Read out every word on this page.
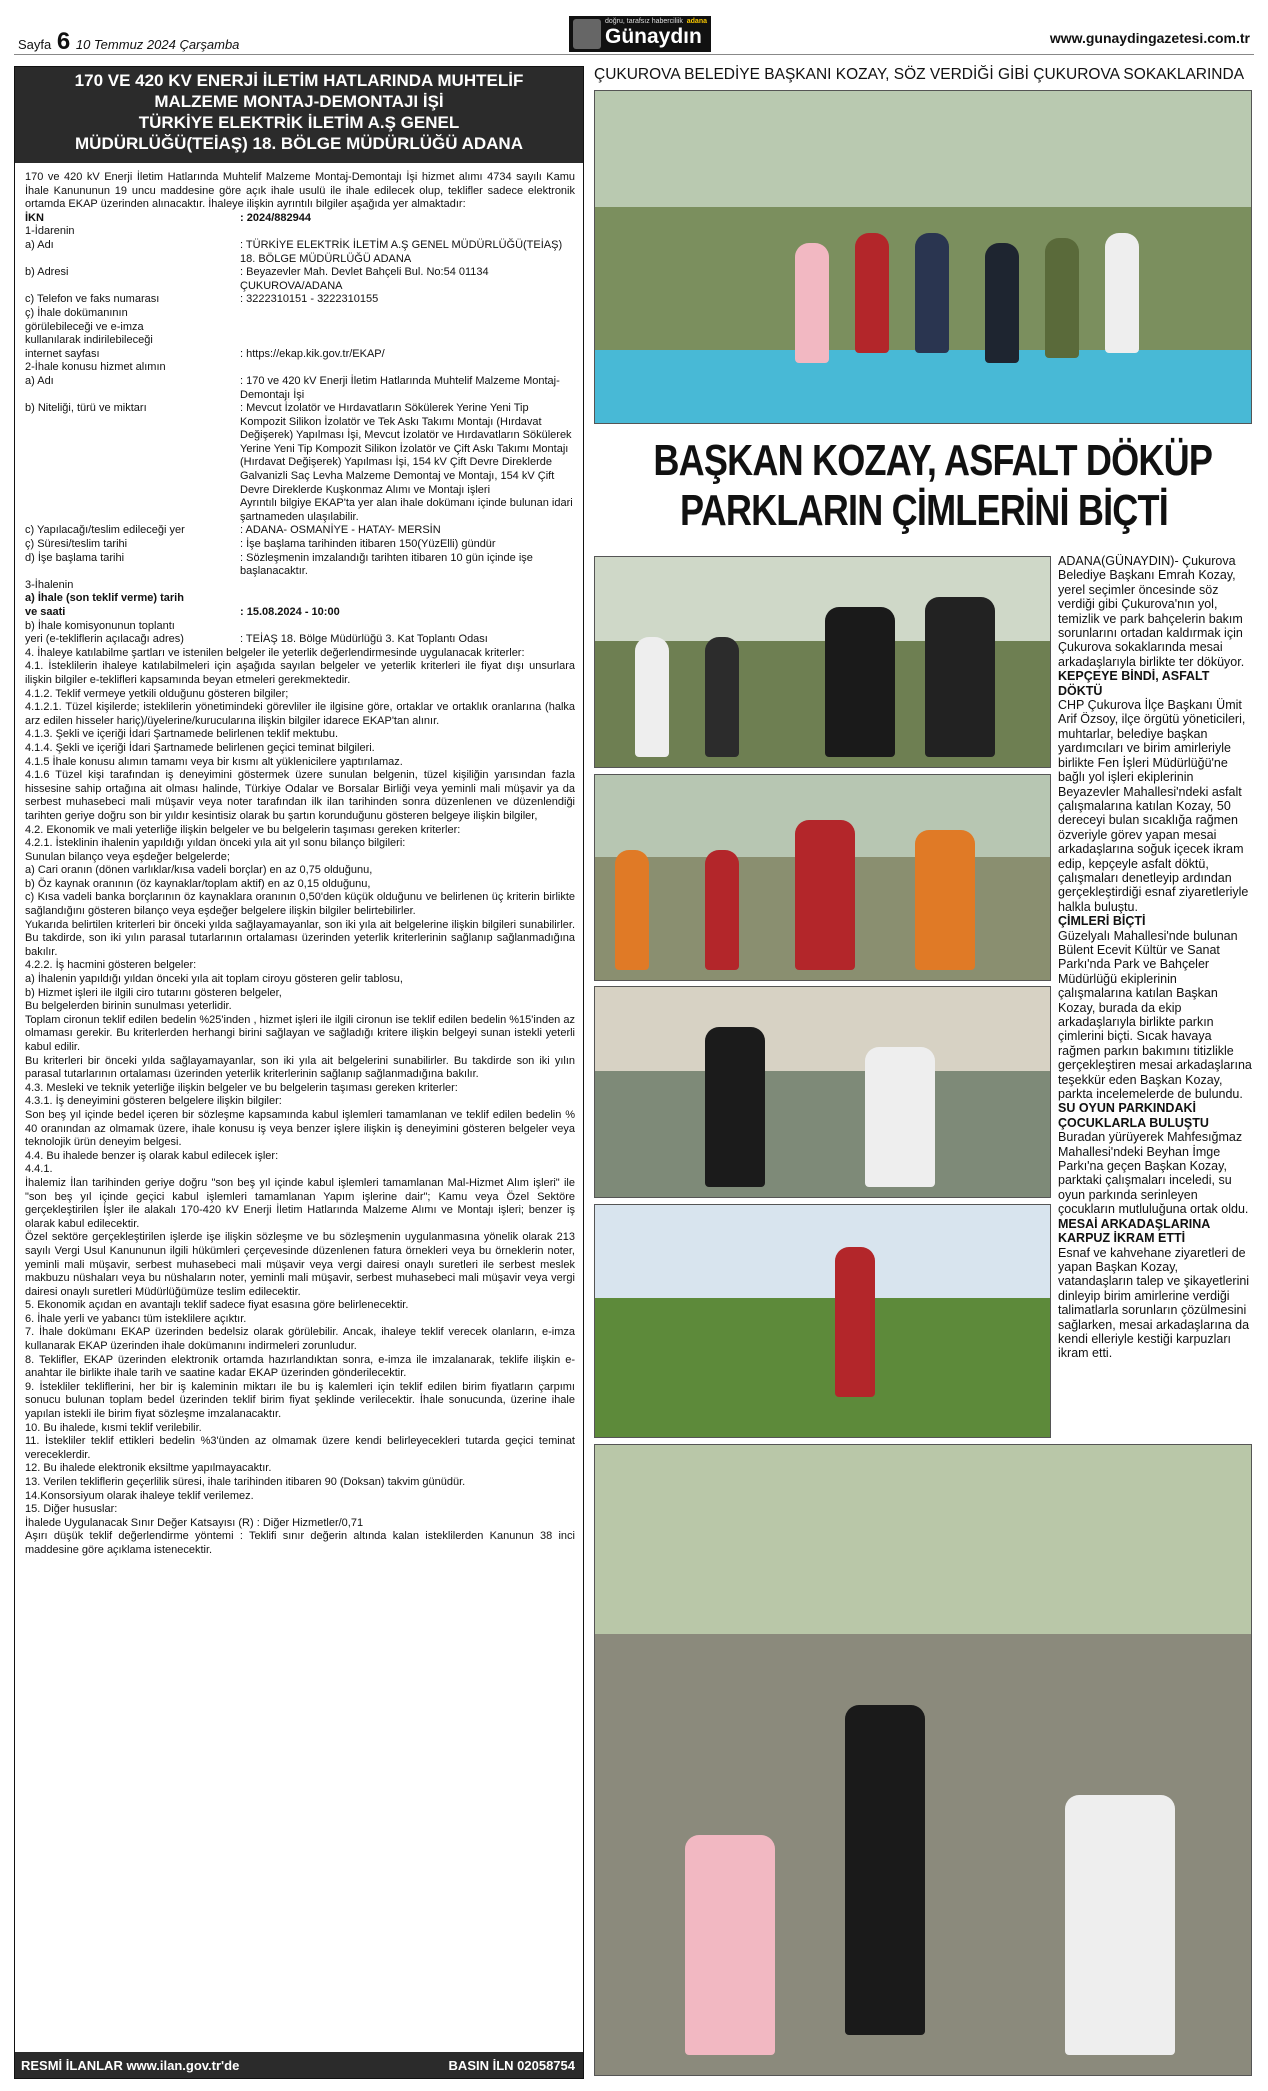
Sayfa 6 10 Temmuz 2024 Çarşamba
doğru, tarafsız haberciliik
Günaydın
adana
www.gunaydingazetesi.com.tr
170 VE 420 KV ENERJİ İLETİM HATLARINDA MUHTELİF
MALZEME MONTAJ-DEMONTAJI İŞİ
TÜRKİYE ELEKTRİK İLETİM A.Ş GENEL
MÜDÜRLÜĞÜ(TEİAŞ) 18. BÖLGE MÜDÜRLÜĞÜ ADANA

170 ve 420 kV Enerji İletim Hatlarında Muhtelif Malzeme Montaj-Demontajı İşi hizmet alımı 4734 sayılı Kamu İhale Kanununun 19 uncu maddesine göre açık ihale usulü ile ihale edilecek olup, teklifler sadece elektronik ortamda EKAP üzerinden alınacaktır. İhaleye ilişkin ayrıntılı bilgiler aşağıda yer almaktadır:

İKN	: 2024/882944

1-İdarenin

a) Adı	: TÜRKİYE ELEKTRİK İLETİM A.Ş GENEL MÜDÜRLÜĞÜ(TEİAŞ) 18. BÖLGE MÜDÜRLÜĞÜ ADANA
b) Adresi	: Beyazevler Mah. Devlet Bahçeli Bul. No:54 01134 ÇUKUROVA/ADANA
c) Telefon ve faks numarası	: 3222310151 - 3222310155
ç) İhale dokümanının görülebileceği ve e-imza kullanılarak indirilebileceği internet sayfası	: https://ekap.kik.gov.tr/EKAP/

2-İhale konusu hizmet alımın

a) Adı	: 170 ve 420 kV Enerji İletim Hatlarında Muhtelif Malzeme Montaj-Demontajı İşi
b) Niteliği, türü ve miktarı	: Mevcut İzolatör ve Hırdavatların Sökülerek Yerine Yeni Tip Kompozit Silikon İzolatör ve Tek Askı Takımı Montajı (Hırdavat Değişerek) Yapılması İşi, Mevcut İzolatör ve Hırdavatların Sökülerek Yerine Yeni Tip Kompozit Silikon İzolatör ve Çift Askı Takımı Montajı (Hırdavat Değişerek) Yapılması İşi, 154 kV Çift Devre Direklerde Galvanizli Saç Levha Malzeme Demontaj ve Montajı, 154 kV Çift Devre Direklerde Kuşkonmaz Alımı ve Montajı işleri
Ayrıntılı bilgiye EKAP'ta yer alan ihale dokümanı içinde bulunan idari şartnameden ulaşılabilir.
c) Yapılacağı/teslim edileceği yer	: ADANA- OSMANİYE - HATAY- MERSİN
ç) Süresi/teslim tarihi	: İşe başlama tarihinden itibaren 150(YüzElli) gündür
d) İşe başlama tarihi	: Sözleşmenin imzalandığı tarihten itibaren 10 gün içinde işe başlanacaktır.

3-İhalenin

a) İhale (son teklif verme) tarih ve saati	: 15.08.2024 - 10:00
b) İhale komisyonunun toplantı yeri (e-tekliflerin açılacağı adres)	: TEİAŞ 18. Bölge Müdürlüğü 3. Kat Toplantı Odası

4. İhaleye katılabilme şartları ve istenilen belgeler ile yeterlik değerlendirmesinde uygulanacak kriterler:

4.1. İsteklilerin ihaleye katılabilmeleri için aşağıda sayılan belgeler ve yeterlik kriterleri ile fiyat dışı unsurlara ilişkin bilgiler e-teklifleri kapsamında beyan etmeleri gerekmektedir.

4.1.2. Teklif vermeye yetkili olduğunu gösteren bilgiler;

4.1.2.1. Tüzel kişilerde; isteklilerin yönetimindeki görevliler ile ilgisine göre, ortaklar ve ortaklık oranlarına (halka arz edilen hisseler hariç)/üyelerine/kurucularına ilişkin bilgiler idarece EKAP'tan alınır.

4.1.3. Şekli ve içeriği İdari Şartnamede belirlenen teklif mektubu.

4.1.4. Şekli ve içeriği İdari Şartnamede belirlenen geçici teminat bilgileri.

4.1.5 İhale konusu alımın tamamı veya bir kısmı alt yüklenicilere yaptırılamaz.

4.1.6 Tüzel kişi tarafından iş deneyimini göstermek üzere sunulan belgenin, tüzel kişiliğin yarısından fazla hissesine sahip ortağına ait olması halinde, Türkiye Odalar ve Borsalar Birliği veya yeminli mali müşavir ya da serbest muhasebeci mali müşavir veya noter tarafından ilk ilan tarihinden sonra düzenlenen ve düzenlendiği tarihten geriye doğru son bir yıldır kesintisiz olarak bu şartın korunduğunu gösteren belgeye ilişkin bilgiler,

4.2. Ekonomik ve mali yeterliğe ilişkin belgeler ve bu belgelerin taşıması gereken kriterler:

4.2.1. İsteklinin ihalenin yapıldığı yıldan önceki yıla ait yıl sonu bilanço bilgileri:

Sunulan bilanço veya eşdeğer belgelerde;

a) Cari oranın (dönen varlıklar/kısa vadeli borçlar) en az 0,75 olduğunu,

b) Öz kaynak oranının (öz kaynaklar/toplam aktif) en az 0,15 olduğunu,

c) Kısa vadeli banka borçlarının öz kaynaklara oranının 0,50'den küçük olduğunu ve belirlenen üç kriterin birlikte sağlandığını gösteren bilanço veya eşdeğer belgelere ilişkin bilgiler belirtebilirler.

Yukarıda belirtilen kriterleri bir önceki yılda sağlayamayanlar, son iki yıla ait belgelerine ilişkin bilgileri sunabilirler. Bu takdirde, son iki yılın parasal tutarlarının ortalaması üzerinden yeterlik kriterlerinin sağlanıp sağlanmadığına bakılır.

4.2.2. İş hacmini gösteren belgeler:

a) İhalenin yapıldığı yıldan önceki yıla ait toplam ciroyu gösteren gelir tablosu,

b) Hizmet işleri ile ilgili ciro tutarını gösteren belgeler,

Bu belgelerden birinin sunulması yeterlidir.

Toplam cironun teklif edilen bedelin %25'inden , hizmet işleri ile ilgili cironun ise teklif edilen bedelin %15'inden az olmaması gerekir. Bu kriterlerden herhangi birini sağlayan ve sağladığı kritere ilişkin belgeyi sunan istekli yeterli kabul edilir.

Bu kriterleri bir önceki yılda sağlayamayanlar, son iki yıla ait belgelerini sunabilirler. Bu takdirde son iki yılın parasal tutarlarının ortalaması üzerinden yeterlik kriterlerinin sağlanıp sağlanmadığına bakılır.

4.3. Mesleki ve teknik yeterliğe ilişkin belgeler ve bu belgelerin taşıması gereken kriterler:

4.3.1. İş deneyimini gösteren belgelere ilişkin bilgiler:

Son beş yıl içinde bedel içeren bir sözleşme kapsamında kabul işlemleri tamamlanan ve teklif edilen bedelin % 40 oranından az olmamak üzere, ihale konusu iş veya benzer işlere ilişkin iş deneyimini gösteren belgeler veya teknolojik ürün deneyim belgesi.

4.4. Bu ihalede benzer iş olarak kabul edilecek işler:

4.4.1.

İhalemiz İlan tarihinden geriye doğru "son beş yıl içinde kabul işlemleri tamamlanan Mal-Hizmet Alım işleri" ile "son beş yıl içinde geçici kabul işlemleri tamamlanan Yapım işlerine dair"; Kamu veya Özel Sektöre gerçekleştirilen İşler ile alakalı 170-420 kV Enerji İletim Hatlarında Malzeme Alımı ve Montajı işleri; benzer iş olarak kabul edilecektir.

Özel sektöre gerçekleştirilen işlerde işe ilişkin sözleşme ve bu sözleşmenin uygulanmasına yönelik olarak 213 sayılı Vergi Usul Kanununun ilgili hükümleri çerçevesinde düzenlenen fatura örnekleri veya bu örneklerin noter, yeminli mali müşavir, serbest muhasebeci mali müşavir veya vergi dairesi onaylı suretleri ile serbest meslek makbuzu nüshaları veya bu nüshaların noter, yeminli mali müşavir, serbest muhasebeci mali müşavir veya vergi dairesi onaylı suretleri Müdürlüğümüze teslim edilecektir.

5. Ekonomik açıdan en avantajlı teklif sadece fiyat esasına göre belirlenecektir.

6. İhale yerli ve yabancı tüm isteklilere açıktır.

7. İhale dokümanı EKAP üzerinden bedelsiz olarak görülebilir. Ancak, ihaleye teklif verecek olanların, e-imza kullanarak EKAP üzerinden ihale dokümanını indirmeleri zorunludur.

8. Teklifler, EKAP üzerinden elektronik ortamda hazırlandıktan sonra, e-imza ile imzalanarak, teklife ilişkin e-anahtar ile birlikte ihale tarih ve saatine kadar EKAP üzerinden gönderilecektir.

9. İstekliler tekliflerini, her bir iş kaleminin miktarı ile bu iş kalemleri için teklif edilen birim fiyatların çarpımı sonucu bulunan toplam bedel üzerinden teklif birim fiyat şeklinde verilecektir. İhale sonucunda, üzerine ihale yapılan istekli ile birim fiyat sözleşme imzalanacaktır.

10. Bu ihalede, kısmi teklif verilebilir.

11. İstekliler teklif ettikleri bedelin %3'ünden az olmamak üzere kendi belirleyecekleri tutarda geçici teminat vereceklerdir.

12. Bu ihalede elektronik eksiltme yapılmayacaktır.

13. Verilen tekliflerin geçerlilik süresi, ihale tarihinden itibaren 90 (Doksan) takvim günüdür.

14.Konsorsiyum olarak ihaleye teklif verilemez.

15. Diğer hususlar:

İhalede Uygulanacak Sınır Değer Katsayısı (R) : Diğer Hizmetler/0,71

Aşırı düşük teklif değerlendirme yöntemi : Teklifi sınır değerin altında kalan isteklilerden Kanunun 38 inci maddesine göre açıklama istenecektir.

RESMİ İLANLAR www.ilan.gov.tr'de	BASIN İLN 02058754
ÇUKUROVA BELEDİYE BAŞKANI KOZAY, SÖZ VERDİĞİ GİBİ ÇUKUROVA SOKAKLARINDA
BAŞKAN KOZAY, ASFALT DÖKÜP
PARKLARIN ÇİMLERİNİ BİÇTİ

ADANA(GÜNAYDIN)- Çukurova Belediye Başkanı Emrah Kozay, yerel seçimler öncesinde söz verdiği gibi Çukurova'nın yol, temizlik ve park bahçelerin bakım sorunlarını ortadan kaldırmak için Çukurova sokaklarında mesai arkadaşlarıyla birlikte ter döküyor.

KEPÇEYE BİNDİ, ASFALT DÖKTÜ

CHP Çukurova İlçe Başkanı Ümit Arif Özsoy, ilçe örgütü yöneticileri, muhtarlar, belediye başkan yardımcıları ve birim amirleriyle birlikte Fen İşleri Müdürlüğü'ne bağlı yol işleri ekiplerinin Beyazevler Mahallesi'ndeki asfalt çalışmalarına katılan Kozay, 50 dereceyi bulan sıcaklığa rağmen özveriyle görev yapan mesai arkadaşlarına soğuk içecek ikram edip, kepçeyle asfalt döktü, çalışmaları denetleyip ardından gerçekleştirdiği esnaf ziyaretleriyle halkla buluştu.

ÇİMLERİ BİÇTİ

Güzelyalı Mahallesi'nde bulunan Bülent Ecevit Kültür ve Sanat Parkı'nda Park ve Bahçeler Müdürlüğü ekiplerinin çalışmalarına katılan Başkan Kozay, burada da ekip arkadaşlarıyla birlikte parkın çimlerini biçti. Sıcak havaya rağmen parkın bakımını titizlikle gerçekleştiren mesai arkadaşlarına teşekkür eden Başkan Kozay, parkta incelemelerde de bulundu.

SU OYUN PARKINDAKİ ÇOCUKLARLA BULUŞTU

Buradan yürüyerek Mahfesığmaz Mahallesi'ndeki Beyhan İmge Parkı'na geçen Başkan Kozay, parktaki çalışmaları inceledi, su oyun parkında serinleyen çocukların mutluluğuna ortak oldu.

MESAİ ARKADAŞLARINA KARPUZ İKRAM ETTİ

Esnaf ve kahvehane ziyaretleri de yapan Başkan Kozay, vatandaşların talep ve şikayetlerini dinleyip birim amirlerine verdiği talimatlarla sorunların çözülmesini sağlarken, mesai arkadaşlarına da kendi elleriyle kestiği karpuzları ikram etti.
